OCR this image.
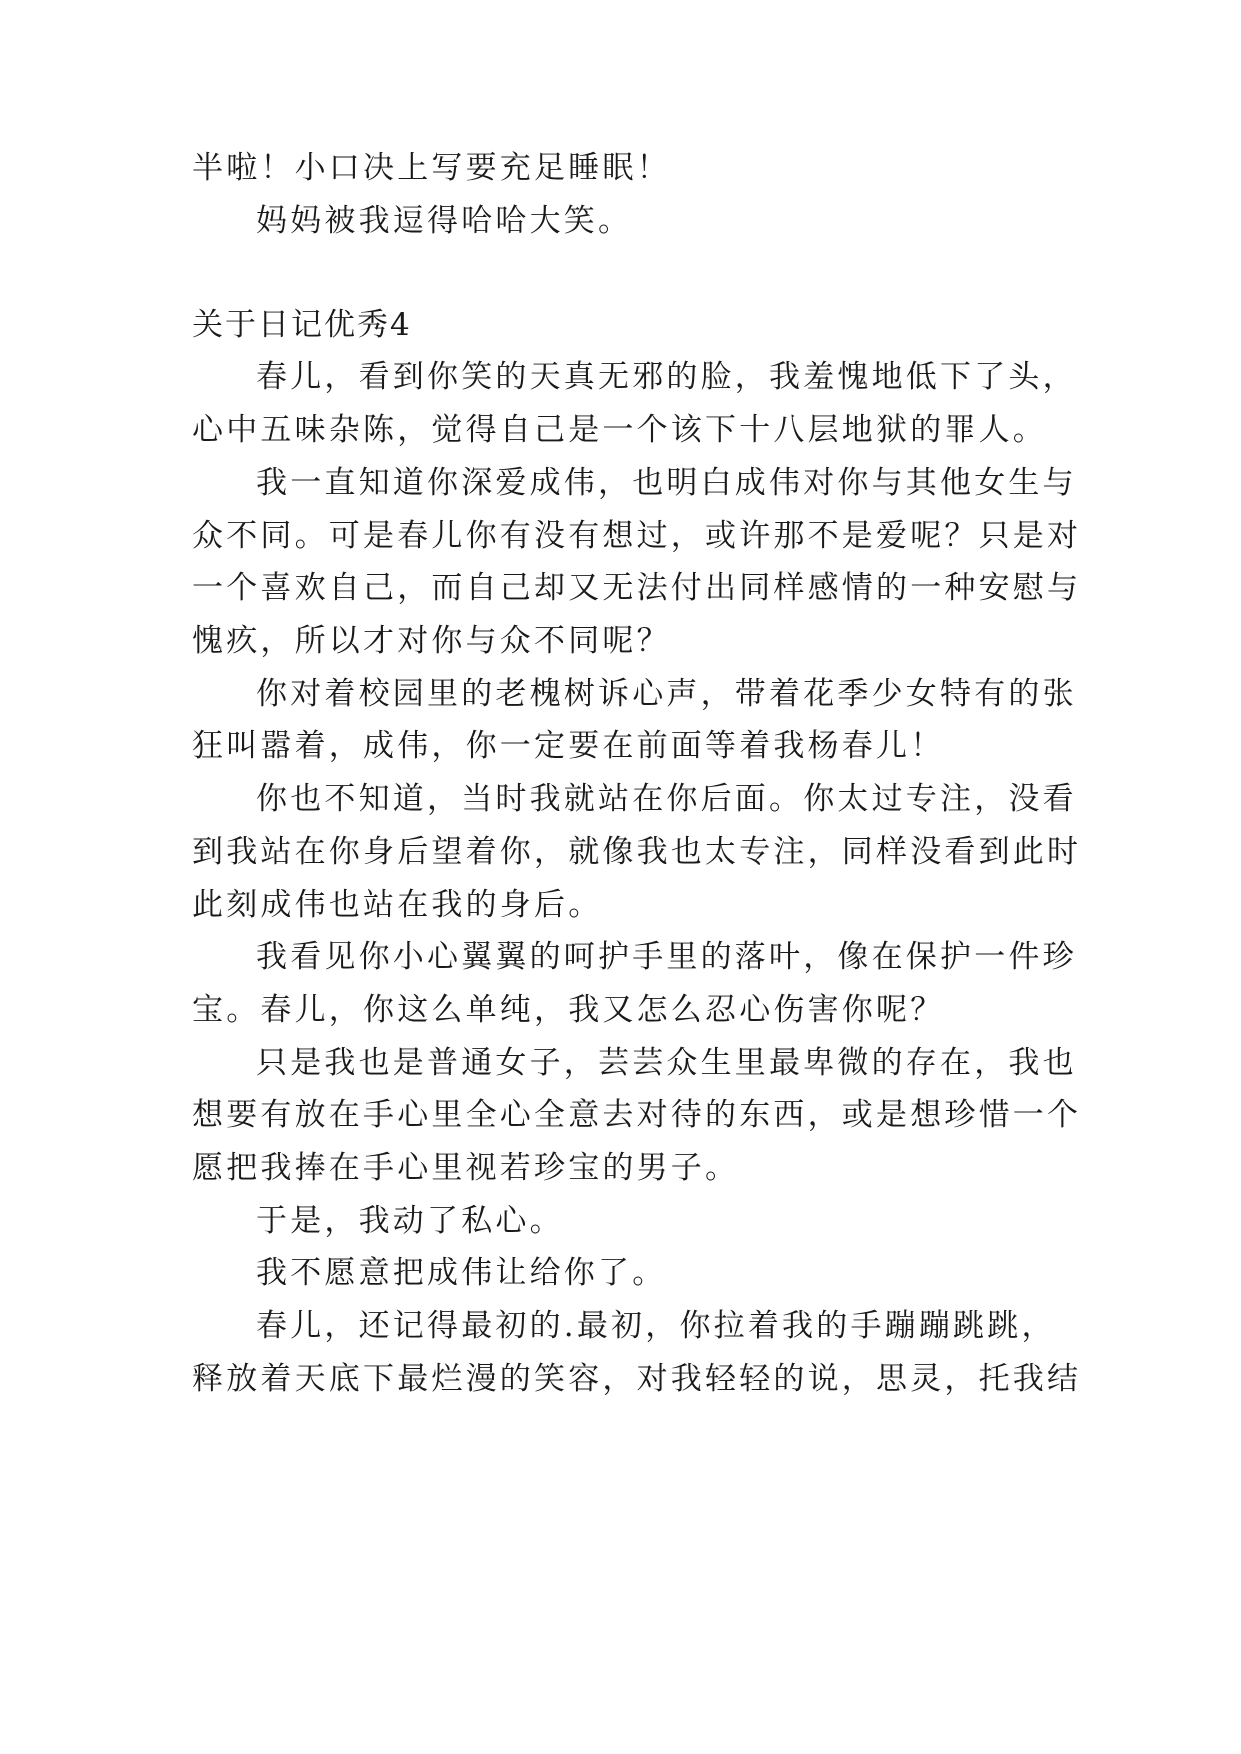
半啦！小口决上写要充足睡眠！
妈妈被我逗得哈哈大笑。
关于日记优秀4
春儿，看到你笑的天真无邪的脸，我羞愧地低下了头，
心中五味杂陈，觉得自己是一个该下十八层地狱的罪人。
我一直知道你深爱成伟，也明白成伟对你与其他女生与
众不同。可是春儿你有没有想过，或许那不是爱呢？只是对
一个喜欢自己，而自己却又无法付出同样感情的一种安慰与
愧疚，所以才对你与众不同呢？
你对着校园里的老槐树诉心声，带着花季少女特有的张
狂叫嚣着，成伟，你一定要在前面等着我杨春儿！
你也不知道，当时我就站在你后面。你太过专注，没看
到我站在你身后望着你，就像我也太专注，同样没看到此时
此刻成伟也站在我的身后。
我看见你小心翼翼的呵护手里的落叶，像在保护一件珍
宝。春儿，你这么单纯，我又怎么忍心伤害你呢？
只是我也是普通女子，芸芸众生里最卑微的存在，我也
想要有放在手心里全心全意去对待的东西，或是想珍惜一个
愿把我捧在手心里视若珍宝的男子。
于是，我动了私心。
我不愿意把成伟让给你了。
春儿，还记得最初的.最初，你拉着我的手蹦蹦跳跳，
释放着天底下最烂漫的笑容，对我轻轻的说，思灵，托我结
